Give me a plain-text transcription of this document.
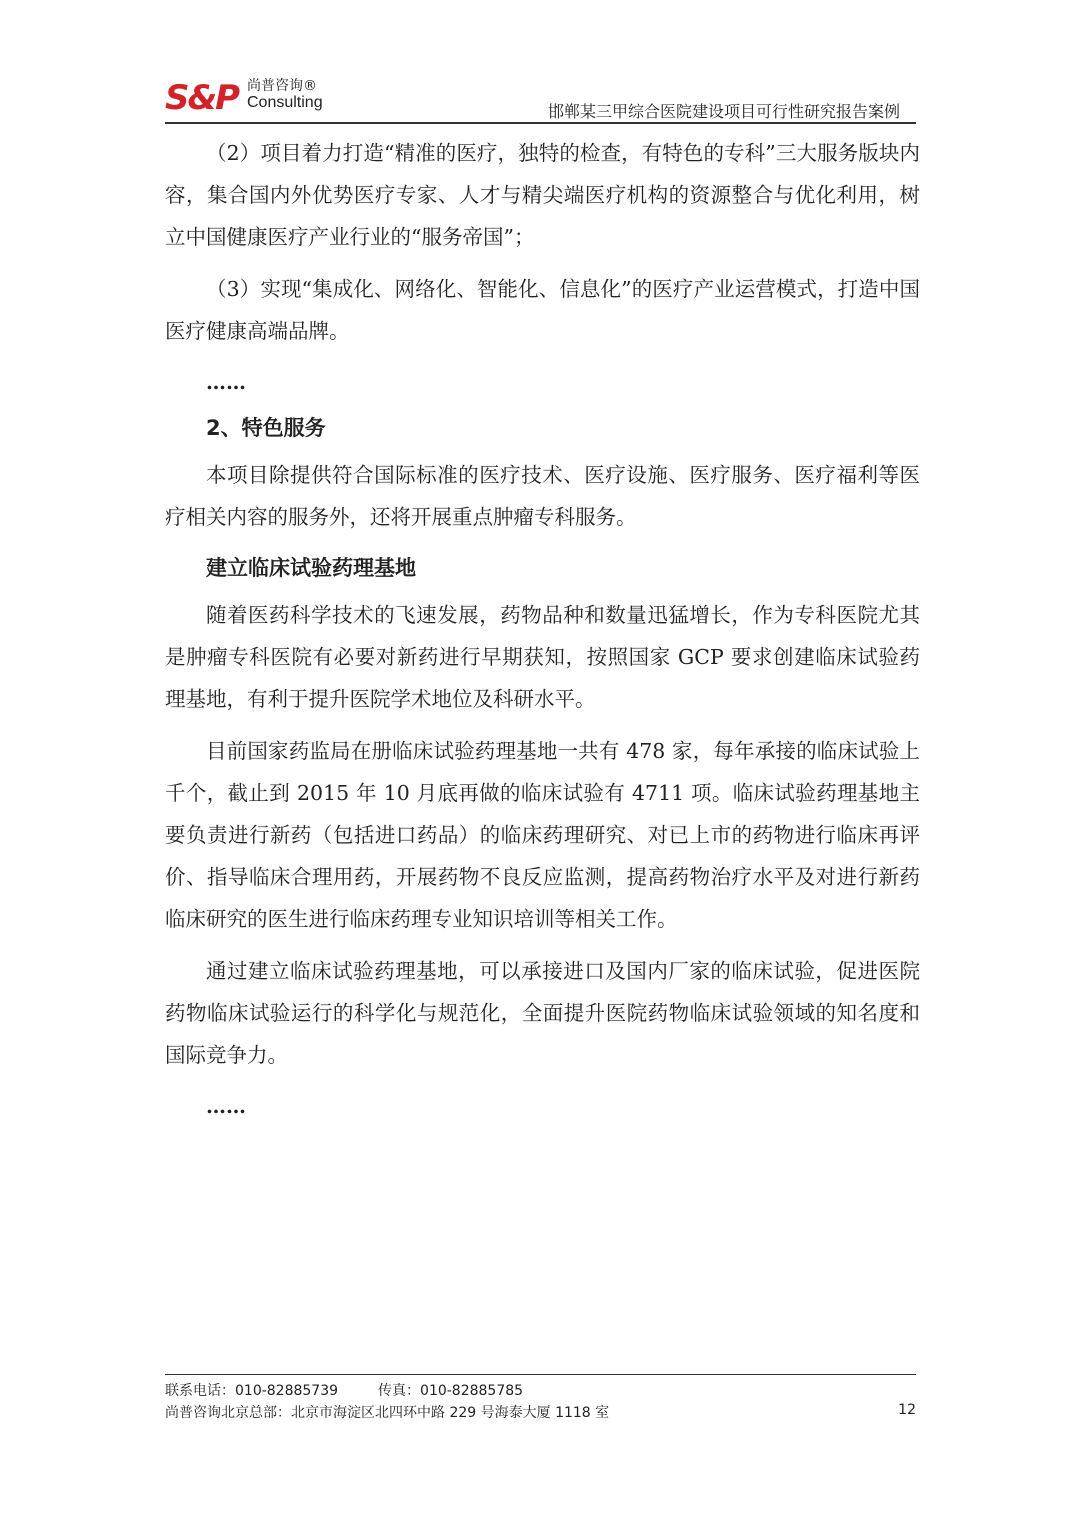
S&P 尚普咨询®
Consulting	邯郸某三甲综合医院建设项目可行性研究报告案例

（2）项目着力打造“精准的医疗，独特的检查，有特色的专科”三大服务版块内容，集合国内外优势医疗专家、人才与精尖端医疗机构的资源整合与优化利用，树立中国健康医疗产业行业的“服务帝国”；

（3）实现“集成化、网络化、智能化、信息化”的医疗产业运营模式，打造中国医疗健康高端品牌。

……
2、特色服务

本项目除提供符合国际标准的医疗技术、医疗设施、医疗服务、医疗福利等医疗相关内容的服务外，还将开展重点肿瘤专科服务。

建立临床试验药理基地

随着医药科学技术的飞速发展，药物品种和数量迅猛增长，作为专科医院尤其是肿瘤专科医院有必要对新药进行早期获知，按照国家 GCP 要求创建临床试验药理基地，有利于提升医院学术地位及科研水平。

目前国家药监局在册临床试验药理基地一共有 478 家，每年承接的临床试验上千个，截止到 2015 年 10 月底再做的临床试验有 4711 项。临床试验药理基地主要负责进行新药（包括进口药品）的临床药理研究、对已上市的药物进行临床再评价、指导临床合理用药，开展药物不良反应监测，提高药物治疗水平及对进行新药临床研究的医生进行临床药理专业知识培训等相关工作。

通过建立临床试验药理基地，可以承接进口及国内厂家的临床试验，促进医院药物临床试验运行的科学化与规范化，全面提升医院药物临床试验领域的知名度和国际竞争力。

……
联系电话：010-82885739	传真：010-82885785
尚普咨询北京总部：北京市海淀区北四环中路 229 号海泰大厦 1118 室	12
